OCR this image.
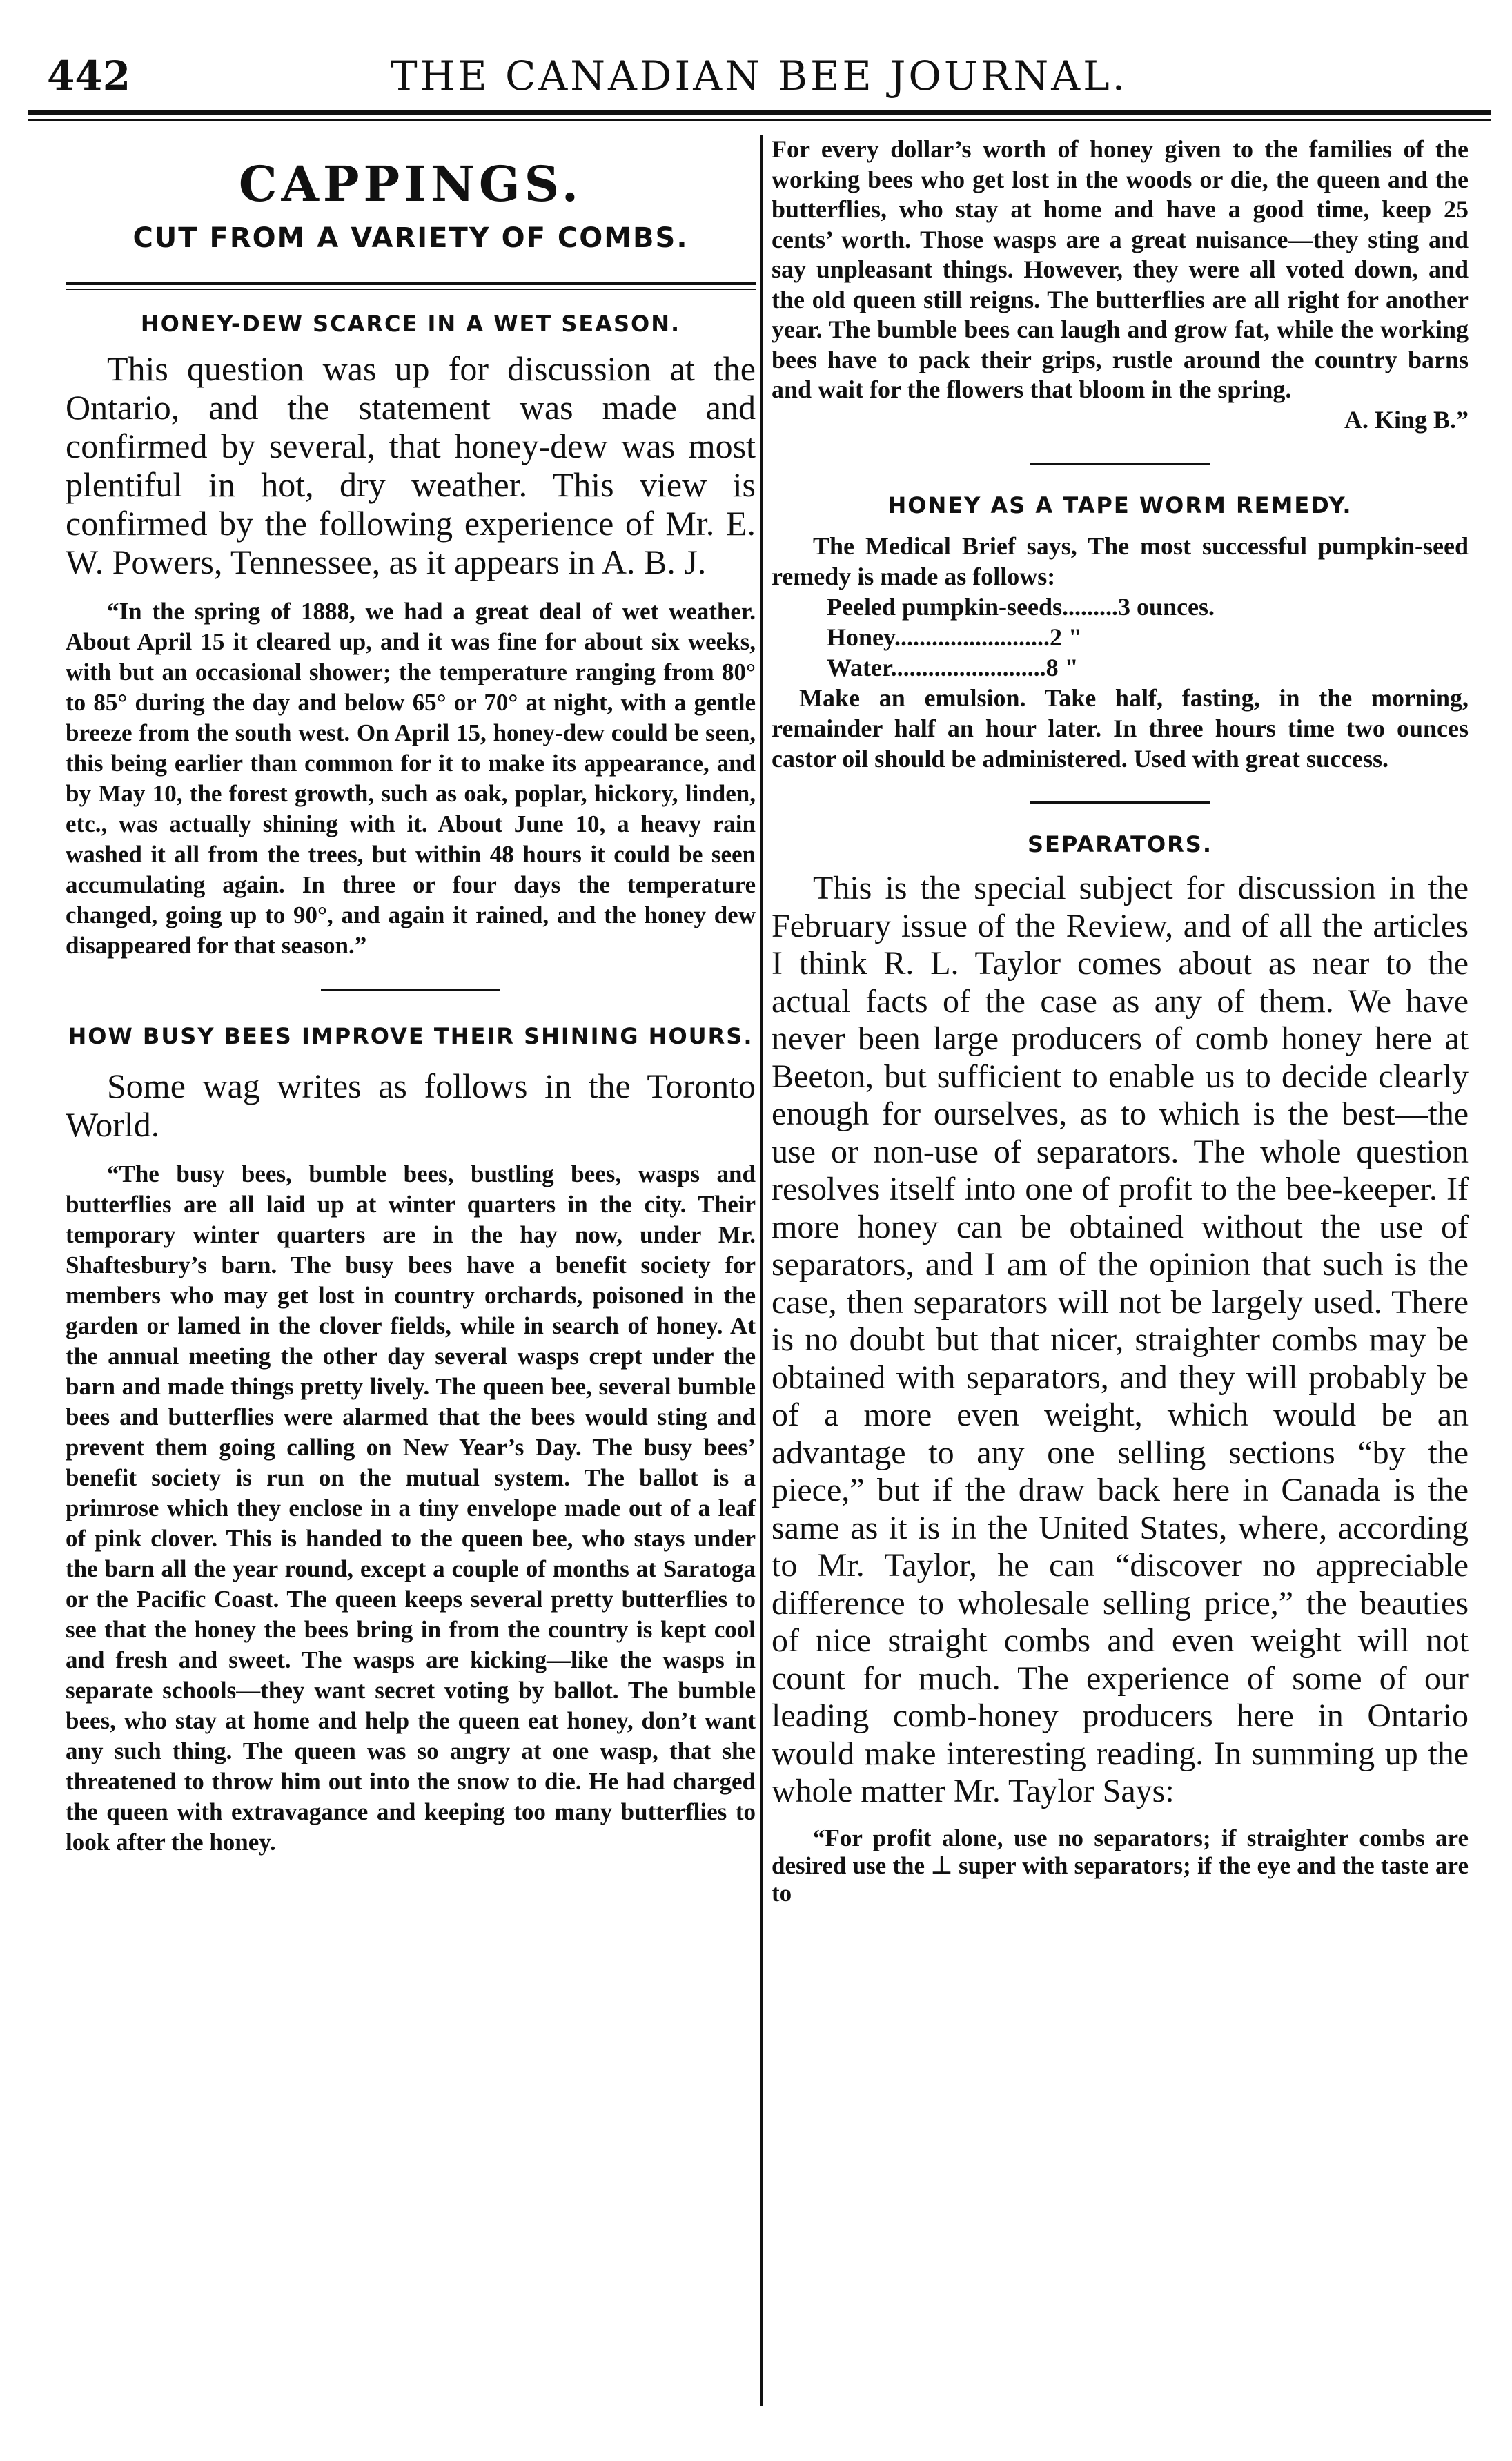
442	THE CANADIAN BEE JOURNAL.
CAPPINGS.
CUT FROM A VARIETY OF COMBS.
HONEY-DEW SCARCE IN A WET SEASON.

This question was up for discussion at the Ontario, and the statement was made and confirmed by several, that honey-dew was most plentiful in hot, dry weather. This view is confirmed by the following experience of Mr. E. W. Powers, Tennessee, as it appears in A. B. J.

“In the spring of 1888, we had a great deal of wet weather. About April 15 it cleared up, and it was fine for about six weeks, with but an occasional shower; the temperature ranging from 80° to 85° during the day and below 65° or 70° at night, with a gentle breeze from the south west. On April 15, honey-dew could be seen, this being earlier than common for it to make its appearance, and by May 10, the forest growth, such as oak, poplar, hickory, linden, etc., was actually shining with it. About June 10, a heavy rain washed it all from the trees, but within 48 hours it could be seen accumulating again. In three or four days the temperature changed, going up to 90°, and again it rained, and the honey dew disappeared for that season.”

HOW BUSY BEES IMPROVE THEIR SHINING HOURS.

Some wag writes as follows in the Toronto World.

“The busy bees, bumble bees, bustling bees, wasps and butterflies are all laid up at winter quarters in the city. Their temporary winter quarters are in the hay now, under Mr. Shaftesbury’s barn. The busy bees have a benefit society for members who may get lost in country orchards, poisoned in the garden or lamed in the clover fields, while in search of honey. At the annual meeting the other day several wasps crept under the barn and made things pretty lively. The queen bee, several bumble bees and butterflies were alarmed that the bees would sting and prevent them going calling on New Year’s Day. The busy bees’ benefit society is run on the mutual system. The ballot is a primrose which they enclose in a tiny envelope made out of a leaf of pink clover. This is handed to the queen bee, who stays under the barn all the year round, except a couple of months at Saratoga or the Pacific Coast. The queen keeps several pretty butterflies to see that the honey the bees bring in from the country is kept cool and fresh and sweet. The wasps are kicking—like the wasps in separate schools—they want secret voting by ballot. The bumble bees, who stay at home and help the queen eat honey, don’t want any such thing. The queen was so angry at one wasp, that she threatened to throw him out into the snow to die. He had charged the queen with extravagance and keeping too many butterflies to look after the honey.

For every dollar’s worth of honey given to the families of the working bees who get lost in the woods or die, the queen and the butterflies, who stay at home and have a good time, keep 25 cents’ worth. Those wasps are a great nuisance—they sting and say unpleasant things. However, they were all voted down, and the old queen still reigns. The butterflies are all right for another year. The bumble bees can laugh and grow fat, while the working bees have to pack their grips, rustle around the country barns and wait for the flowers that bloom in the spring.

A. King B.”
HONEY AS A TAPE WORM REMEDY.

The Medical Brief says, The most successful pumpkin-seed remedy is made as follows:

Peeled pumpkin-seeds.........3 ounces.
Honey.........................2 "
Water.........................8 "

Make an emulsion. Take half, fasting, in the morning, remainder half an hour later. In three hours time two ounces castor oil should be administered. Used with great success.

SEPARATORS.

This is the special subject for discussion in the February issue of the Review, and of all the articles I think R. L. Taylor comes about as near to the actual facts of the case as any of them. We have never been large producers of comb honey here at Beeton, but sufficient to enable us to decide clearly enough for ourselves, as to which is the best—the use or non-use of separators. The whole question resolves itself into one of profit to the bee-keeper. If more honey can be obtained without the use of separators, and I am of the opinion that such is the case, then separators will not be largely used. There is no doubt but that nicer, straighter combs may be obtained with separators, and they will probably be of a more even weight, which would be an advantage to any one selling sections “by the piece,” but if the draw back here in Canada is the same as it is in the United States, where, according to Mr. Taylor, he can “discover no appreciable difference to wholesale selling price,” the beauties of nice straight combs and even weight will not count for much. The experience of some of our leading comb-honey producers here in Ontario would make interesting reading. In summing up the whole matter Mr. Taylor Says:

“For profit alone, use no separators; if straighter combs are desired use the ⊥ super with separators; if the eye and the taste are to
